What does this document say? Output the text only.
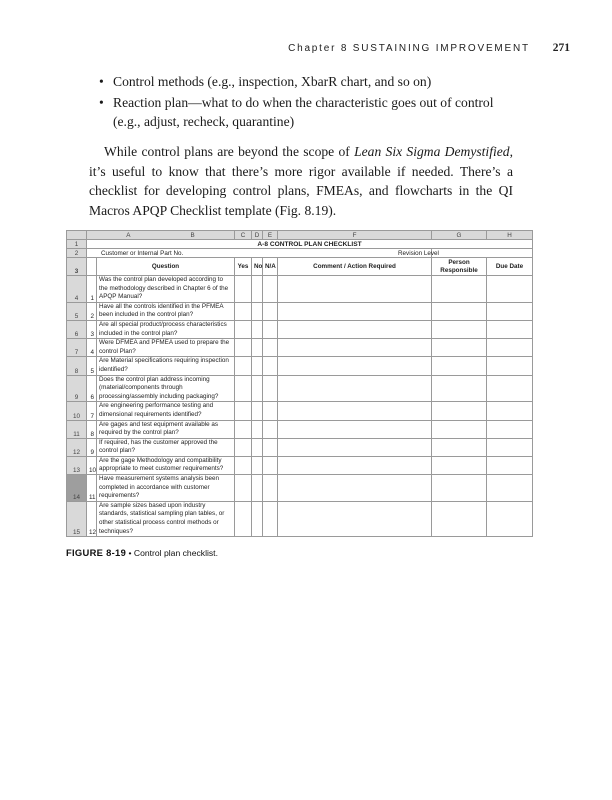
Chapter 8 SUSTAINING IMPROVEMENT 271
• Control methods (e.g., inspection, XbarR chart, and so on)
• Reaction plan—what to do when the characteristic goes out of control (e.g., adjust, recheck, quarantine)

While control plans are beyond the scope of Lean Six Sigma Demystified, it’s useful to know that there’s more rigor available if needed. There’s a checklist for developing control plans, FMEAs, and flowcharts in the QI Macros APQP Checklist template (Fig. 8.19).

	A B		C	D	E	F	G	H
1	A-8 CONTROL PLAN CHECKLIST							
2	Customer or Internal Part No.						Revision Level	
3		Question	Yes	No	N/A	Comment / Action Required	Person Responsible	Due Date
4	1	Was the control plan developed according to the methodology described in Chapter 6 of the APQP Manual?						
5	2	Have all the controls identified in the PFMEA been included in the control plan?						
6	3	Are all special product/process characteristics included in the control plan?						
7	4	Were DFMEA and PFMEA used to prepare the control Plan?						
8	5	Are Material specifications requiring inspection identified?						
9	6	Does the control plan address incoming (material/components through processing/assembly including packaging?						
10	7	Are engineering performance testing and dimensional requirements identified?						
11	8	Are gages and test equipment available as required by the control plan?						
12	9	If required, has the customer approved the control plan?						
13	10	Are the gage Methodology and compatibility appropriate to meet customer requirements?						
14	11	Have measurement systems analysis been completed in accordance with customer requirements?						
15	12	Are sample sizes based upon industry standards, statistical sampling plan tables, or other statistical process control methods or techniques?						
FIGURE 8-19 • Control plan checklist.
